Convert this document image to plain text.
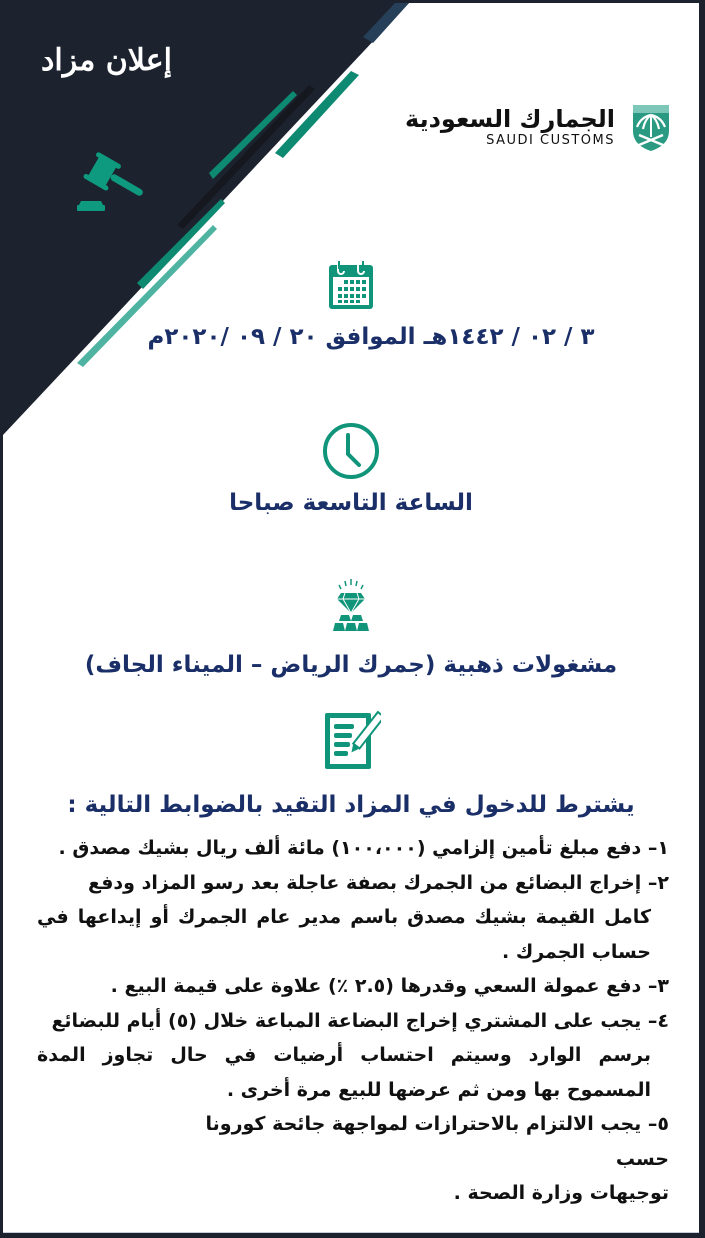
إعلان مزاد
الجمارك السعودية
SAUDI CUSTOMS
٣ / ٠٢ / ١٤٤٢هـ الموافق ٢٠ / ٠٩ /٢٠٢٠م
الساعة التاسعة صباحا
مشغولات ذهبية (جمرك الرياض – الميناء الجاف)
يشترط للدخول في المزاد التقيد بالضوابط التالية :
١– دفع مبلغ تأمين إلزامي (١٠٠،٠٠٠) مائة ألف ريال بشيك مصدق .
٢– إخراج البضائع من الجمرك بصفة عاجلة بعد رسو المزاد ودفع
كامل القيمة بشيك مصدق باسم مدير عام الجمرك أو إيداعها في حساب الجمرك .
٣– دفع عمولة السعي وقدرها (٢.٥ ٪) علاوة على قيمة البيع .
٤– يجب على المشتري إخراج البضاعة المباعة خلال (٥) أيام للبضائع
برسم الوارد وسيتم احتساب أرضيات في حال تجاوز المدة المسموح بها ومن ثم عرضها للبيع مرة أخرى .
٥– يجب الالتزام بالاحترازات لمواجهة جائحة كورونا حسب
توجيهات وزارة الصحة .
